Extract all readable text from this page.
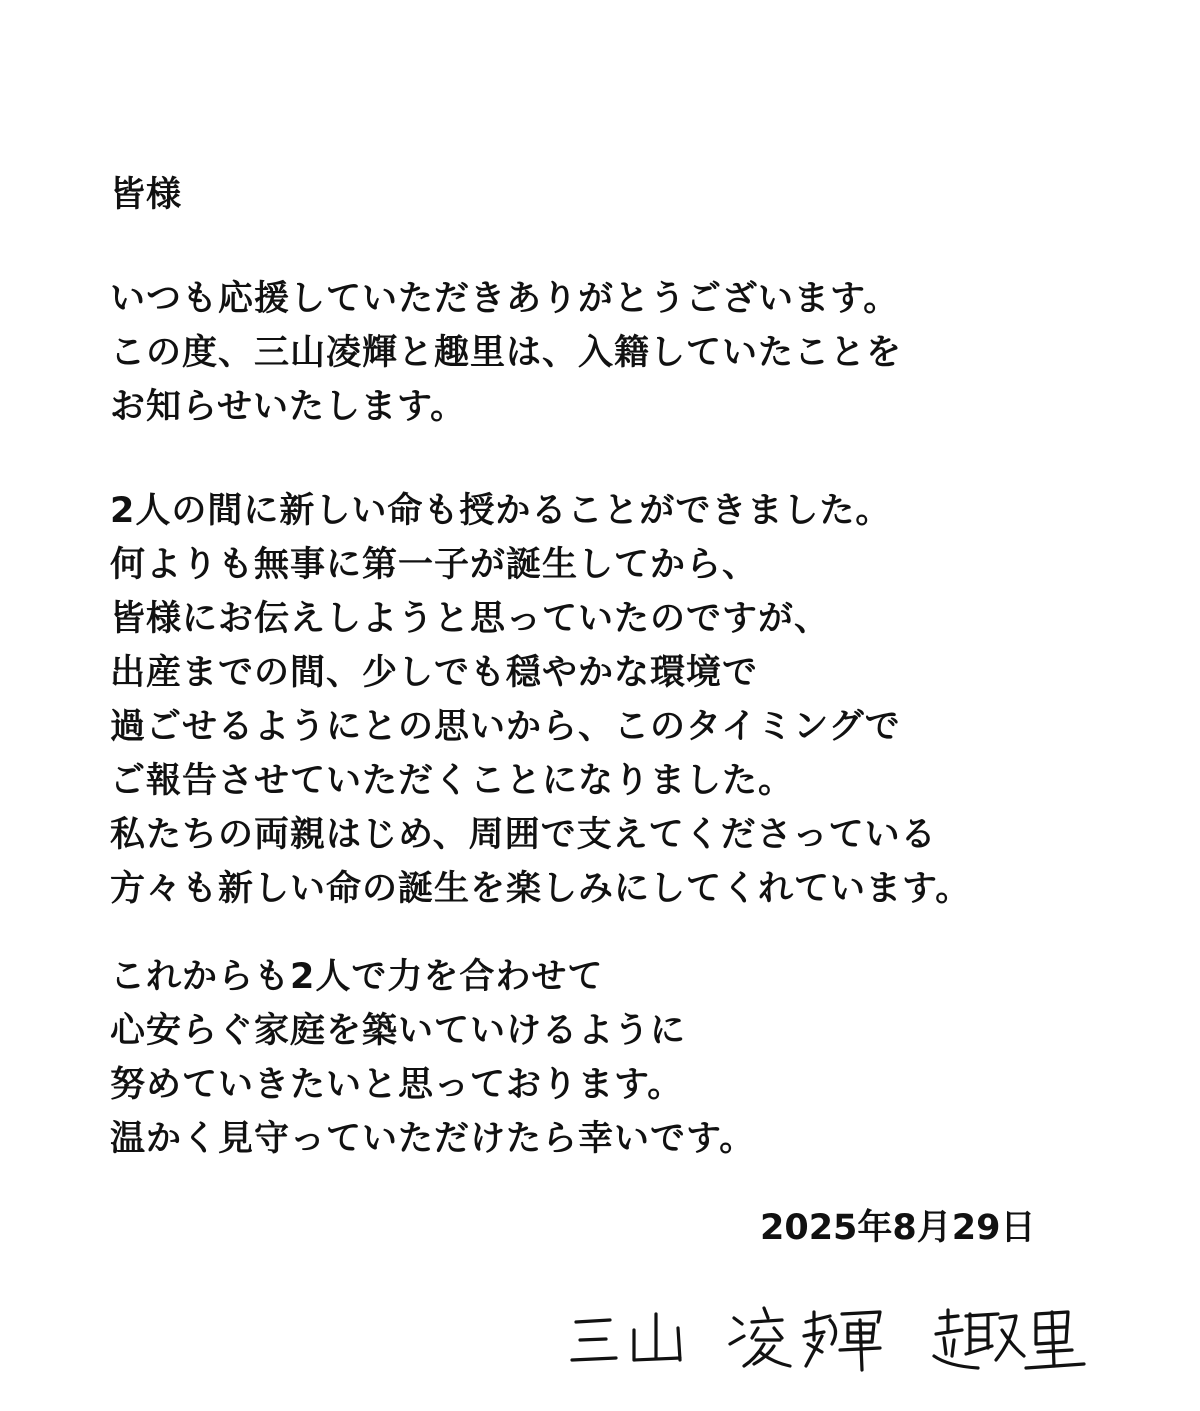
皆様

いつも応援していただきありがとうございます。
この度、三山凌輝と趣里は、入籍していたことを
お知らせいたします。
2人の間に新しい命も授かることができました。
何よりも無事に第一子が誕生してから、
皆様にお伝えしようと思っていたのですが、
出産までの間、少しでも穏やかな環境で
過ごせるようにとの思いから、このタイミングで
ご報告させていただくことになりました。
私たちの両親はじめ、周囲で支えてくださっている
方々も新しい命の誕生を楽しみにしてくれています。
これからも2人で力を合わせて
心安らぐ家庭を築いていけるように
努めていきたいと思っております。
温かく見守っていただけたら幸いです。
2025年8月29日
